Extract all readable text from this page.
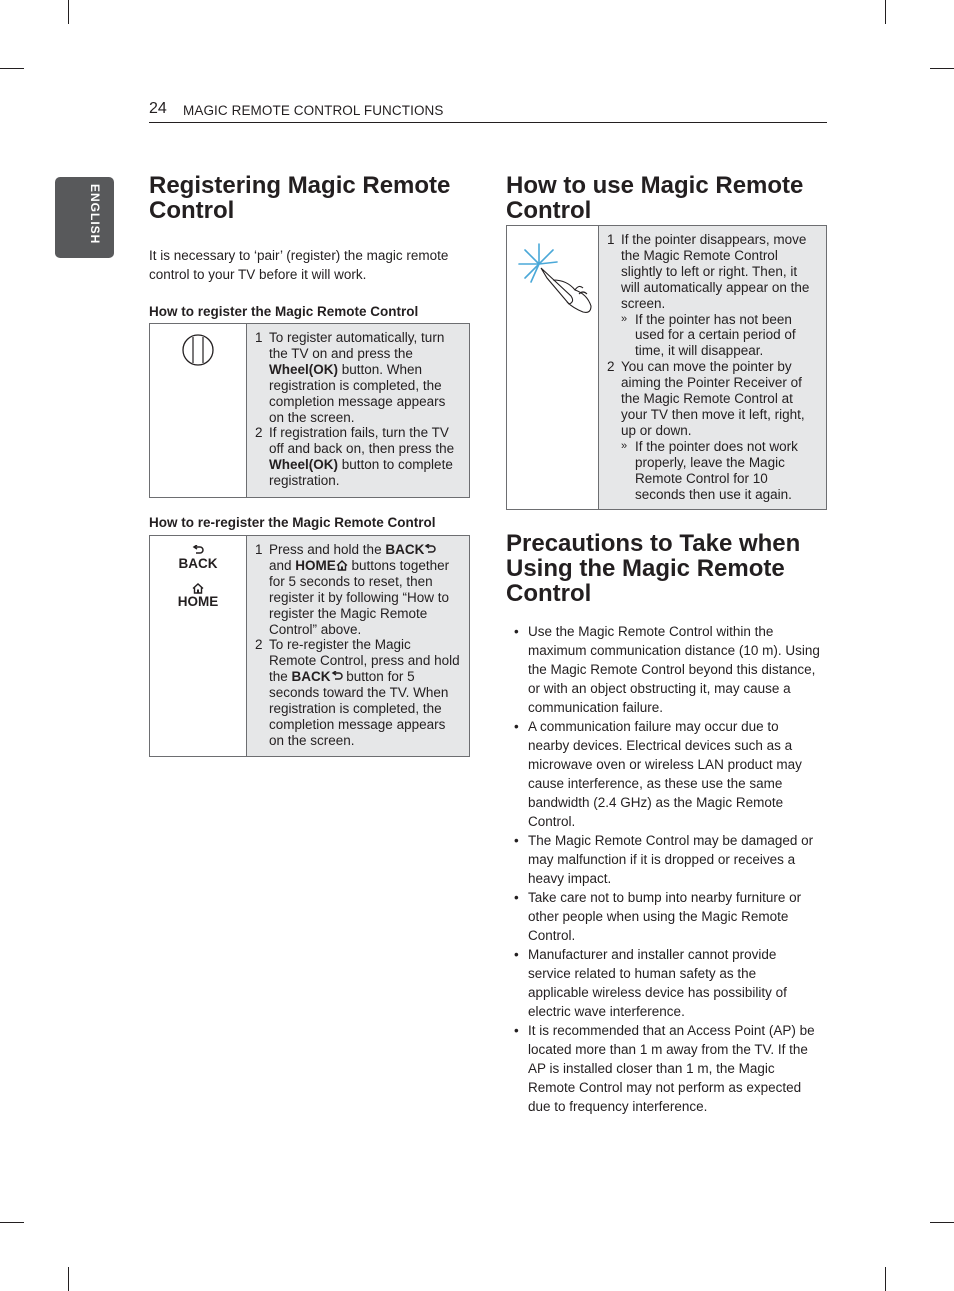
24 MAGIC REMOTE CONTROL FUNCTIONS
ENGLISH Registering Magic Remote Control

It is necessary to ‘pair’ (register) the magic remote control to your TV before it will work.

How to register the Magic Remote Control

1 To register automatically, turn the TV on and press the Wheel(OK) button. When registration is completed, the completion message appears on the screen.
2 If registration fails, turn the TV off and back on, then press the Wheel(OK) button to complete registration.

How to re-register the Magic Remote Control

BACK
HOME
1 Press and hold the BACK and HOME buttons together for 5 seconds to reset, then register it by following “How to register the Magic Remote Control” above.
2 To re-register the Magic Remote Control, press and hold the BACK button for 5 seconds toward the TV. When registration is completed, the completion message appears on the screen.
How to use Magic Remote Control
1 If the pointer disappears, move the Magic Remote Control slightly to left or right. Then, it will automatically appear on the screen.
» If the pointer has not been used for a certain period of time, it will disappear.
2 You can move the pointer by aiming the Pointer Receiver of the Magic Remote Control at your TV then move it left, right, up or down.
» If the pointer does not work properly, leave the Magic Remote Control for 10 seconds then use it again.
Precautions to Take when Using the Magic Remote Control
• Use the Magic Remote Control within the maximum communication distance (10 m). Using the Magic Remote Control beyond this distance, or with an object obstructing it, may cause a communication failure.
• A communication failure may occur due to nearby devices. Electrical devices such as a microwave oven or wireless LAN product may cause interference, as these use the same bandwidth (2.4 GHz) as the Magic Remote Control.
• The Magic Remote Control may be damaged or may malfunction if it is dropped or receives a heavy impact.
• Take care not to bump into nearby furniture or other people when using the Magic Remote Control.
• Manufacturer and installer cannot provide service related to human safety as the applicable wireless device has possibility of electric wave interference.
• It is recommended that an Access Point (AP) be located more than 1 m away from the TV. If the AP is installed closer than 1 m, the Magic Remote Control may not perform as expected due to frequency interference.
